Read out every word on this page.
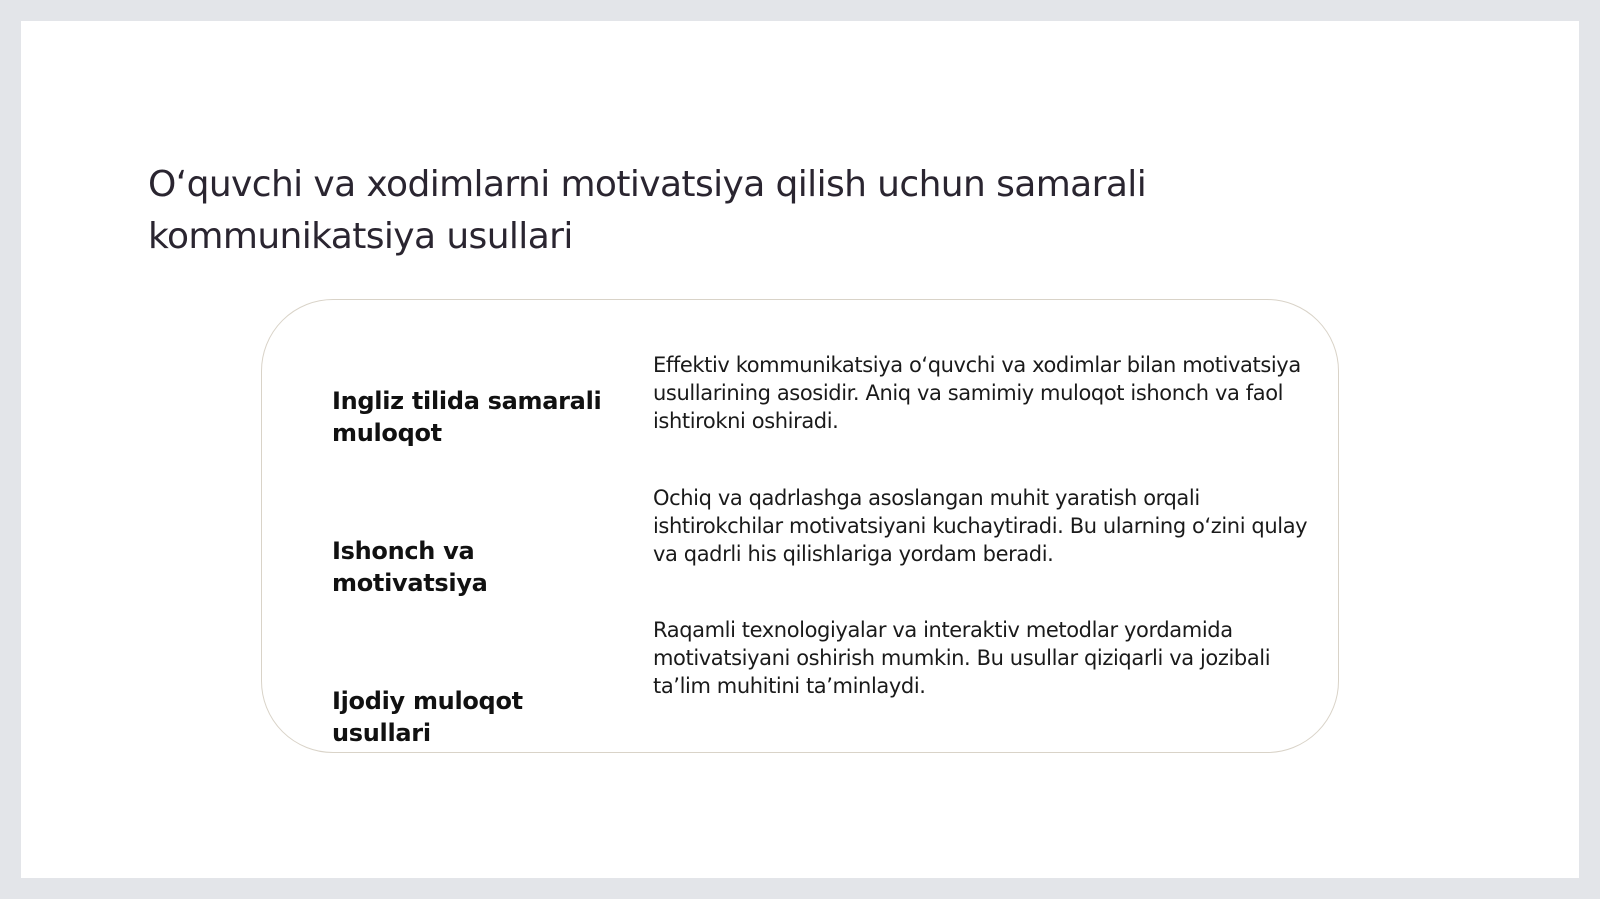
O‘quvchi va xodimlarni motivatsiya qilish uchun samarali kommunikatsiya usullari

Ingliz tilida samarali muloqot

Effektiv kommunikatsiya o‘quvchi va xodimlar bilan motivatsiya usullarining asosidir. Aniq va samimiy muloqot ishonch va faol ishtirokni oshiradi.

Ishonch va motivatsiya

Ochiq va qadrlashga asoslangan muhit yaratish orqali ishtirokchilar motivatsiyani kuchaytiradi. Bu ularning o‘zini qulay va qadrli his qilishlariga yordam beradi.

Ijodiy muloqot usullari

Raqamli texnologiyalar va interaktiv metodlar yordamida motivatsiyani oshirish mumkin. Bu usullar qiziqarli va jozibali ta’lim muhitini ta’minlaydi.
